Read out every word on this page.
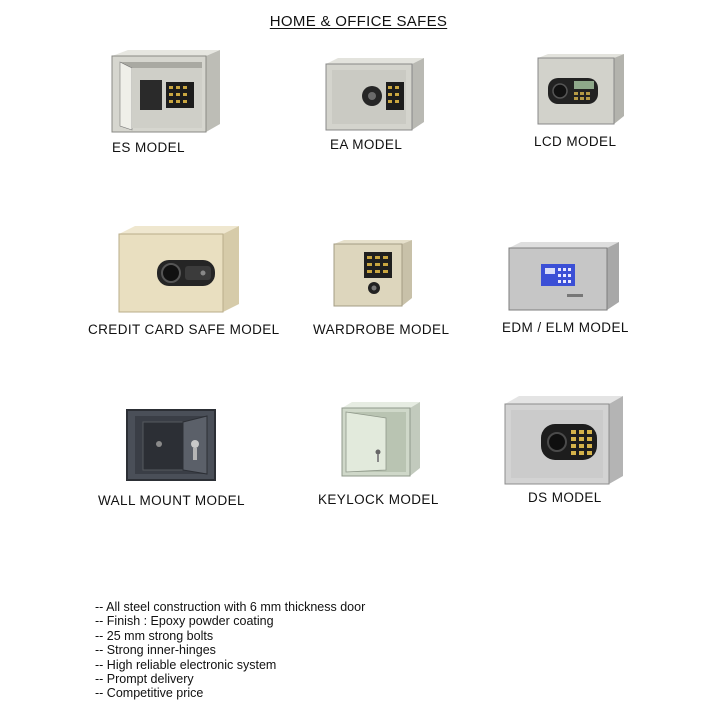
HOME & OFFICE SAFES
ES MODEL	EA MODEL	LCD MODEL
CREDIT CARD SAFE MODEL WARDROBE MODEL	EDM / ELM MODEL
WALL MOUNT MODEL	KEYLOCK MODEL	DS MODEL
-- All steel construction with 6 mm thickness door
-- Finish : Epoxy powder coating
-- 25 mm strong bolts
-- Strong inner-hinges
-- High reliable electronic system
-- Prompt delivery
-- Competitive price
